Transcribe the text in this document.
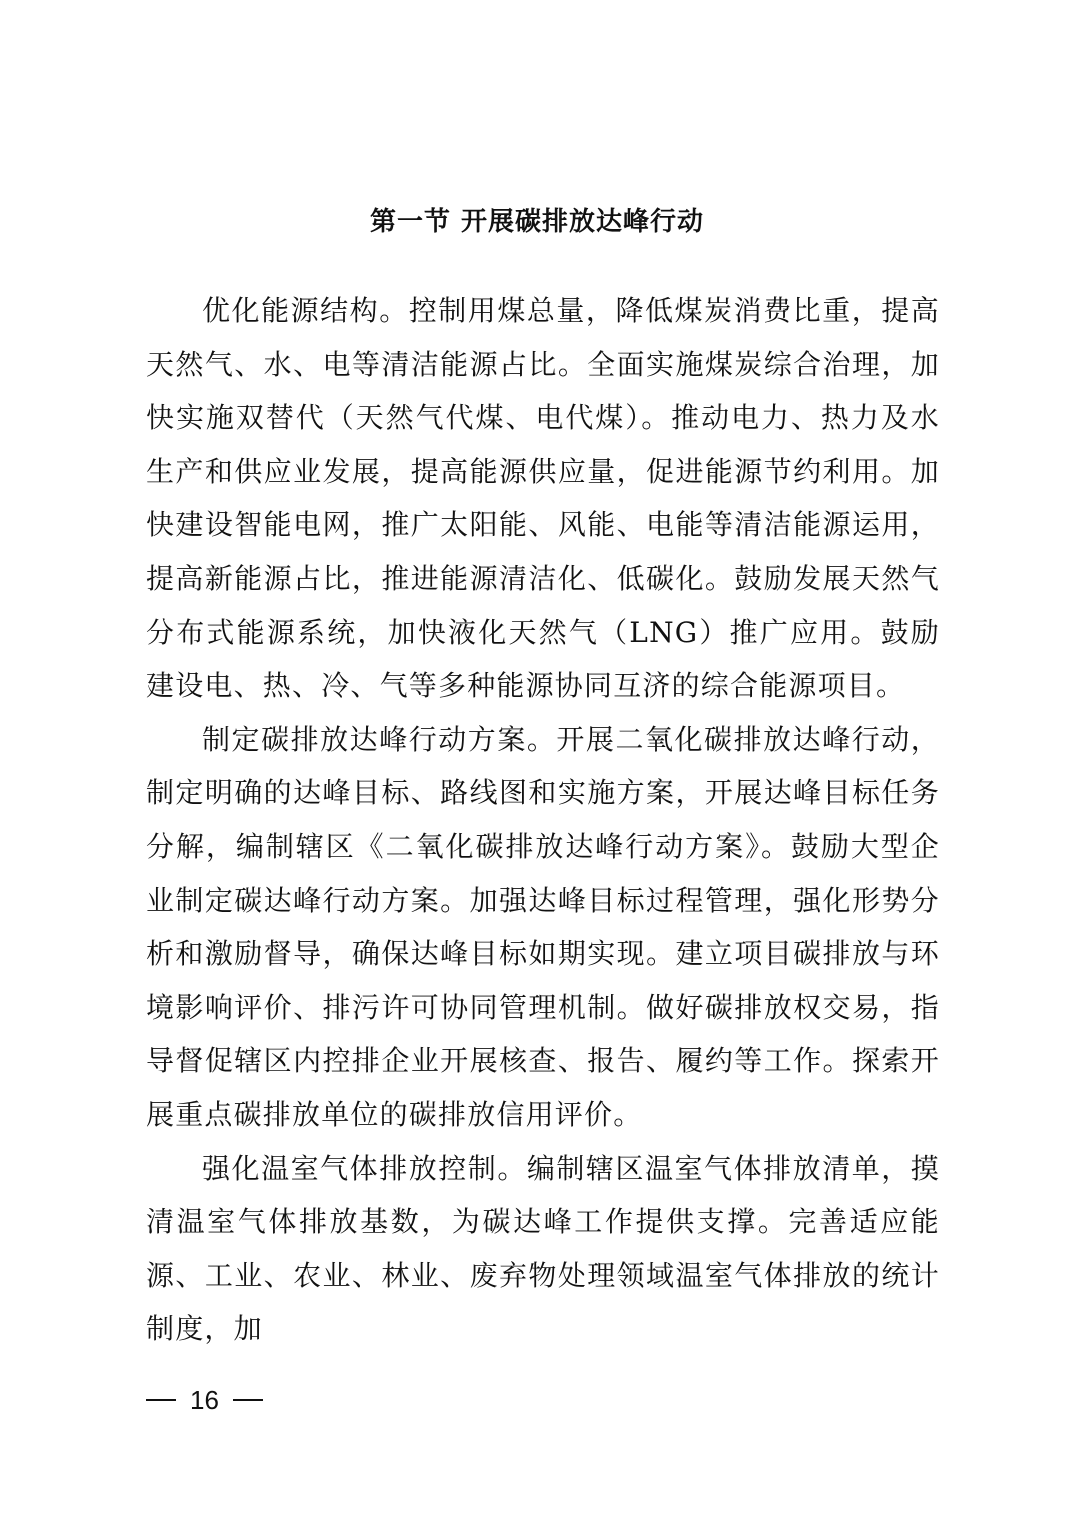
第一节 开展碳排放达峰行动

优化能源结构。控制用煤总量，降低煤炭消费比重，提高天然气、水、电等清洁能源占比。全面实施煤炭综合治理，加快实施双替代（天然气代煤、电代煤）。推动电力、热力及水生产和供应业发展，提高能源供应量，促进能源节约利用。加快建设智能电网，推广太阳能、风能、电能等清洁能源运用，提高新能源占比，推进能源清洁化、低碳化。鼓励发展天然气分布式能源系统，加快液化天然气（LNG）推广应用。鼓励建设电、热、冷、气等多种能源协同互济的综合能源项目。

制定碳排放达峰行动方案。开展二氧化碳排放达峰行动，制定明确的达峰目标、路线图和实施方案，开展达峰目标任务分解，编制辖区《二氧化碳排放达峰行动方案》。鼓励大型企业制定碳达峰行动方案。加强达峰目标过程管理，强化形势分析和激励督导，确保达峰目标如期实现。建立项目碳排放与环境影响评价、排污许可协同管理机制。做好碳排放权交易，指导督促辖区内控排企业开展核查、报告、履约等工作。探索开展重点碳排放单位的碳排放信用评价。

强化温室气体排放控制。编制辖区温室气体排放清单，摸清温室气体排放基数，为碳达峰工作提供支撑。完善适应能源、工业、农业、林业、废弃物处理领域温室气体排放的统计制度，加

16
